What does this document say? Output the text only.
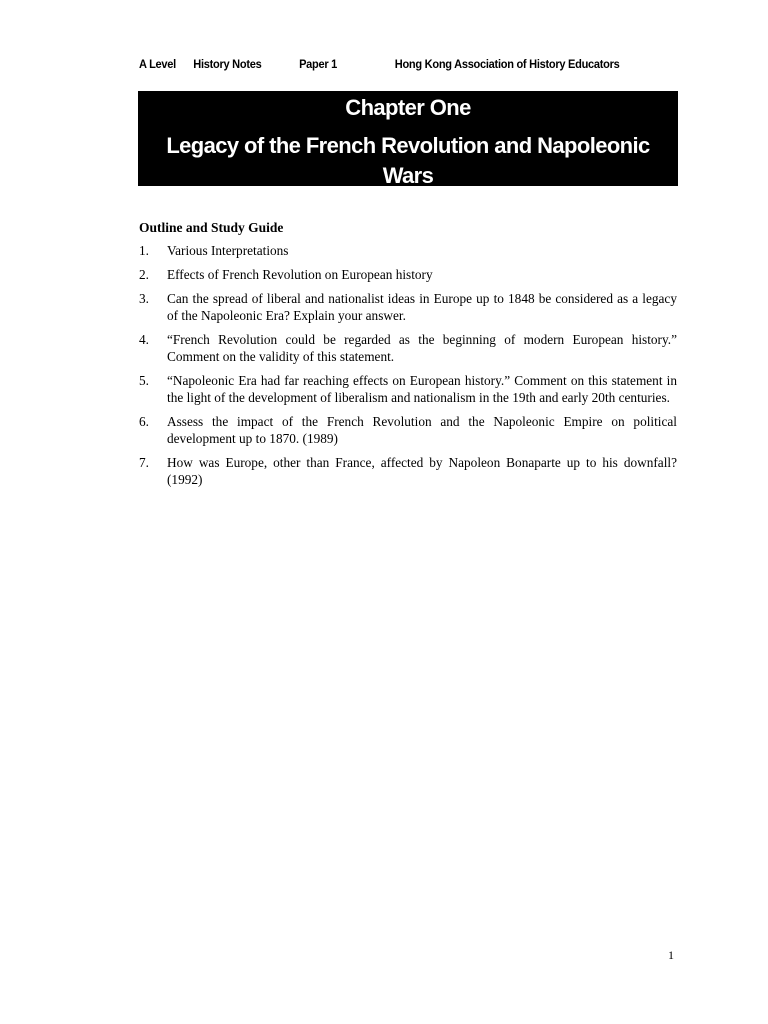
A Level History Notes	Paper 1	Hong Kong Association of History Educators
Chapter One
Legacy of the French Revolution and Napoleonic Wars
Outline and Study Guide
1. Various Interpretations
2. Effects of French Revolution on European history
3. Can the spread of liberal and nationalist ideas in Europe up to 1848 be considered as a legacy of the Napoleonic Era? Explain your answer.
4. “French Revolution could be regarded as the beginning of modern European history.” Comment on the validity of this statement.
5. “Napoleonic Era had far reaching effects on European history.” Comment on this statement in the light of the development of liberalism and nationalism in the 19th and early 20th centuries.
6. Assess the impact of the French Revolution and the Napoleonic Empire on political development up to 1870. (1989)
7. How was Europe, other than France, affected by Napoleon Bonaparte up to his downfall? (1992)
1
